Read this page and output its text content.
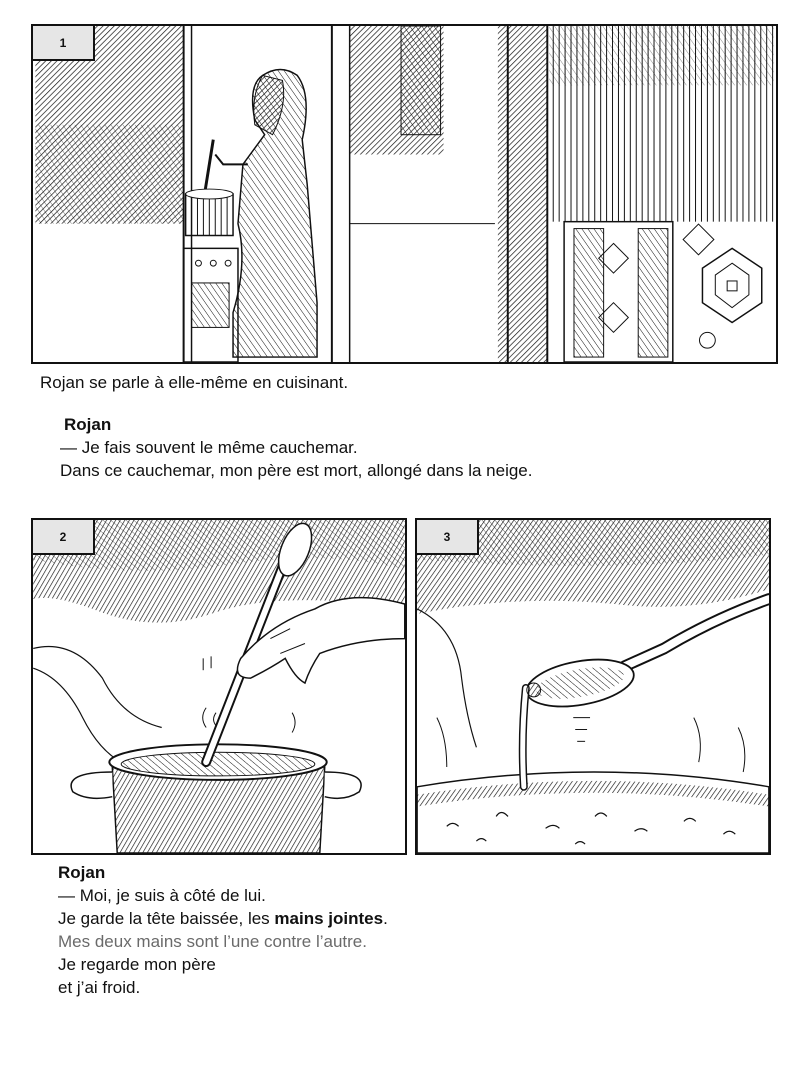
1
Rojan se parle à elle-même en cuisinant.
Rojan
— Je fais souvent le même cauchemar.
Dans ce cauchemar, mon père est mort, allongé dans la neige.
2	3
Rojan
— Moi, je suis à côté de lui.
Je garde la tête baissée, les mains jointes.
Mes deux mains sont l’une contre l’autre.
Je regarde mon père
et j’ai froid.
